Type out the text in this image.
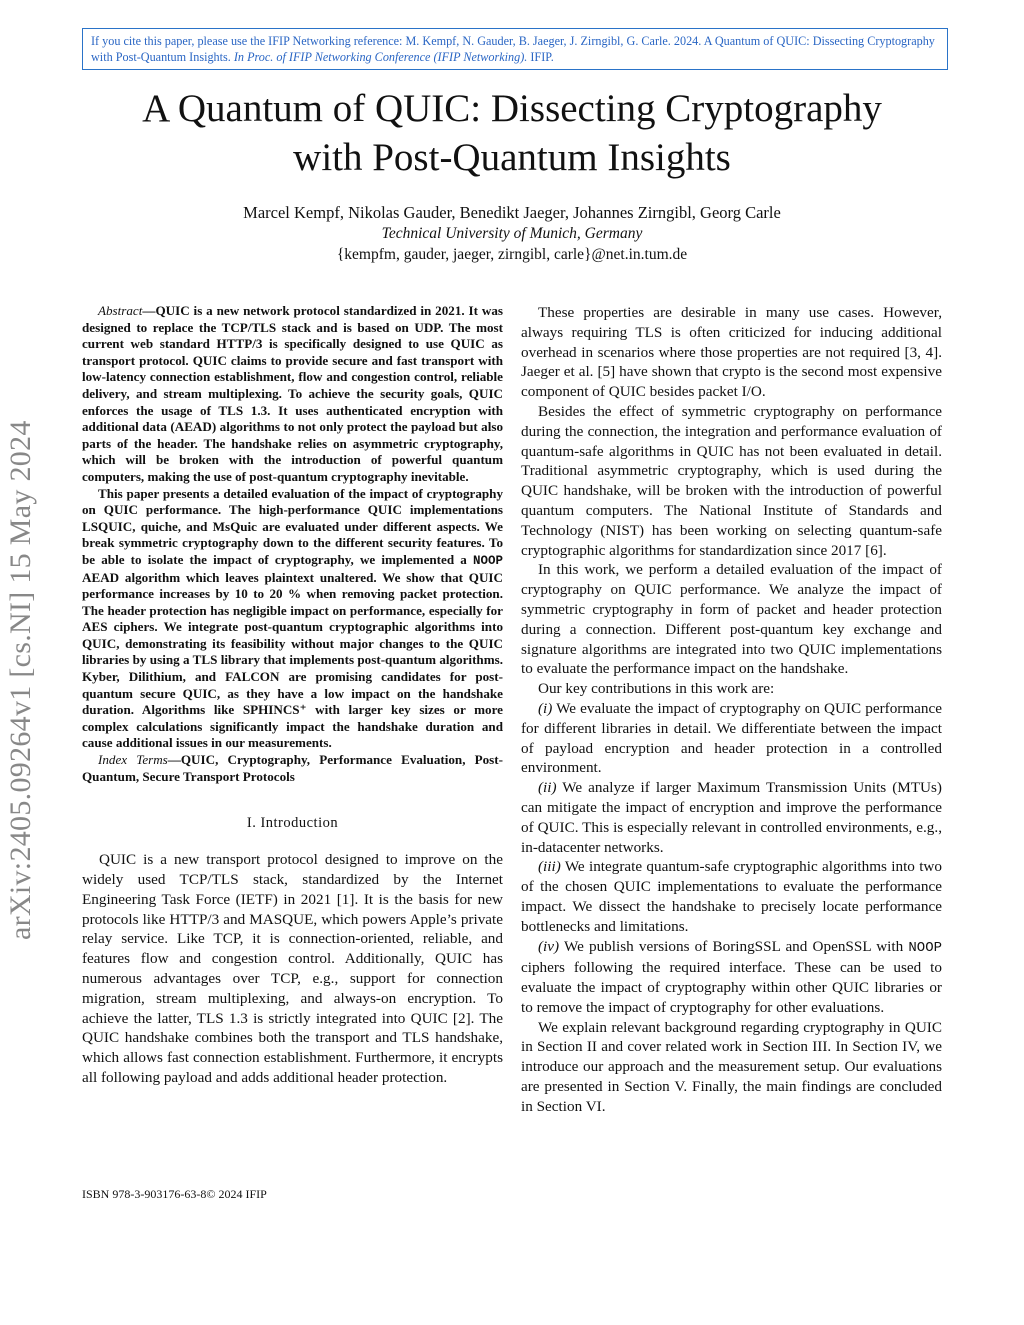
If you cite this paper, please use the IFIP Networking reference: M. Kempf, N. Gauder, B. Jaeger, J. Zirngibl, G. Carle. 2024. A Quantum of QUIC: Dissecting Cryptography with Post-Quantum Insights. In Proc. of IFIP Networking Conference (IFIP Networking). IFIP.
arXiv:2405.09264v1 [cs.NI] 15 May 2024
A Quantum of QUIC: Dissecting Cryptography
with Post-Quantum Insights
Marcel Kempf, Nikolas Gauder, Benedikt Jaeger, Johannes Zirngibl, Georg Carle
Technical University of Munich, Germany
{kempfm, gauder, jaeger, zirngibl, carle}@net.in.tum.de

Abstract—QUIC is a new network protocol standardized in 2021. It was designed to replace the TCP/TLS stack and is based on UDP. The most current web standard HTTP/3 is specifically designed to use QUIC as transport protocol. QUIC claims to provide secure and fast transport with low-latency connection establishment, flow and congestion control, reliable delivery, and stream multiplexing. To achieve the security goals, QUIC enforces the usage of TLS 1.3. It uses authenticated encryption with additional data (AEAD) algorithms to not only protect the payload but also parts of the header. The handshake relies on asymmetric cryptography, which will be broken with the introduction of powerful quantum computers, making the use of post-quantum cryptography inevitable.

This paper presents a detailed evaluation of the impact of cryptography on QUIC performance. The high-performance QUIC implementations LSQUIC, quiche, and MsQuic are evaluated under different aspects. We break symmetric cryptography down to the different security features. To be able to isolate the impact of cryptography, we implemented a NOOP AEAD algorithm which leaves plaintext unaltered. We show that QUIC performance increases by 10 to 20 % when removing packet protection. The header protection has negligible impact on performance, especially for AES ciphers. We integrate post-quantum cryptographic algorithms into QUIC, demonstrating its feasibility without major changes to the QUIC libraries by using a TLS library that implements post-quantum algorithms. Kyber, Dilithium, and FALCON are promising candidates for post-quantum secure QUIC, as they have a low impact on the handshake duration. Algorithms like SPHINCS⁺ with larger key sizes or more complex calculations significantly impact the handshake duration and cause additional issues in our measurements.

Index Terms—QUIC, Cryptography, Performance Evaluation, Post-Quantum, Secure Transport Protocols

I. Introduction

QUIC is a new transport protocol designed to improve on the widely used TCP/TLS stack, standardized by the Internet Engineering Task Force (IETF) in 2021 [1]. It is the basis for new protocols like HTTP/3 and MASQUE, which powers Apple’s private relay service. Like TCP, it is connection-oriented, reliable, and features flow and congestion control. Additionally, QUIC has numerous advantages over TCP, e.g., support for connection migration, stream multiplexing, and always-on encryption. To achieve the latter, TLS 1.3 is strictly integrated into QUIC [2]. The QUIC handshake combines both the transport and TLS handshake, which allows fast connection establishment. Furthermore, it encrypts all following payload and adds additional header protection.

ISBN 978-3-903176-63-8© 2024 IFIP

These properties are desirable in many use cases. However, always requiring TLS is often criticized for inducing additional overhead in scenarios where those properties are not required [3, 4]. Jaeger et al. [5] have shown that crypto is the second most expensive component of QUIC besides packet I/O.

Besides the effect of symmetric cryptography on performance during the connection, the integration and performance evaluation of quantum-safe algorithms in QUIC has not been evaluated in detail. Traditional asymmetric cryptography, which is used during the QUIC handshake, will be broken with the introduction of powerful quantum computers. The National Institute of Standards and Technology (NIST) has been working on selecting quantum-safe cryptographic algorithms for standardization since 2017 [6].

In this work, we perform a detailed evaluation of the impact of cryptography on QUIC performance. We analyze the impact of symmetric cryptography in form of packet and header protection during a connection. Different post-quantum key exchange and signature algorithms are integrated into two QUIC implementations to evaluate the performance impact on the handshake.

Our key contributions in this work are:

(i) We evaluate the impact of cryptography on QUIC performance for different libraries in detail. We differentiate between the impact of payload encryption and header protection in a controlled environment.

(ii) We analyze if larger Maximum Transmission Units (MTUs) can mitigate the impact of encryption and improve the performance of QUIC. This is especially relevant in controlled environments, e.g., in-datacenter networks.

(iii) We integrate quantum-safe cryptographic algorithms into two of the chosen QUIC implementations to evaluate the performance impact. We dissect the handshake to precisely locate performance bottlenecks and limitations.

(iv) We publish versions of BoringSSL and OpenSSL with NOOP ciphers following the required interface. These can be used to evaluate the impact of cryptography within other QUIC libraries or to remove the impact of cryptography for other evaluations.

We explain relevant background regarding cryptography in QUIC in Section II and cover related work in Section III. In Section IV, we introduce our approach and the measurement setup. Our evaluations are presented in Section V. Finally, the main findings are concluded in Section VI.
